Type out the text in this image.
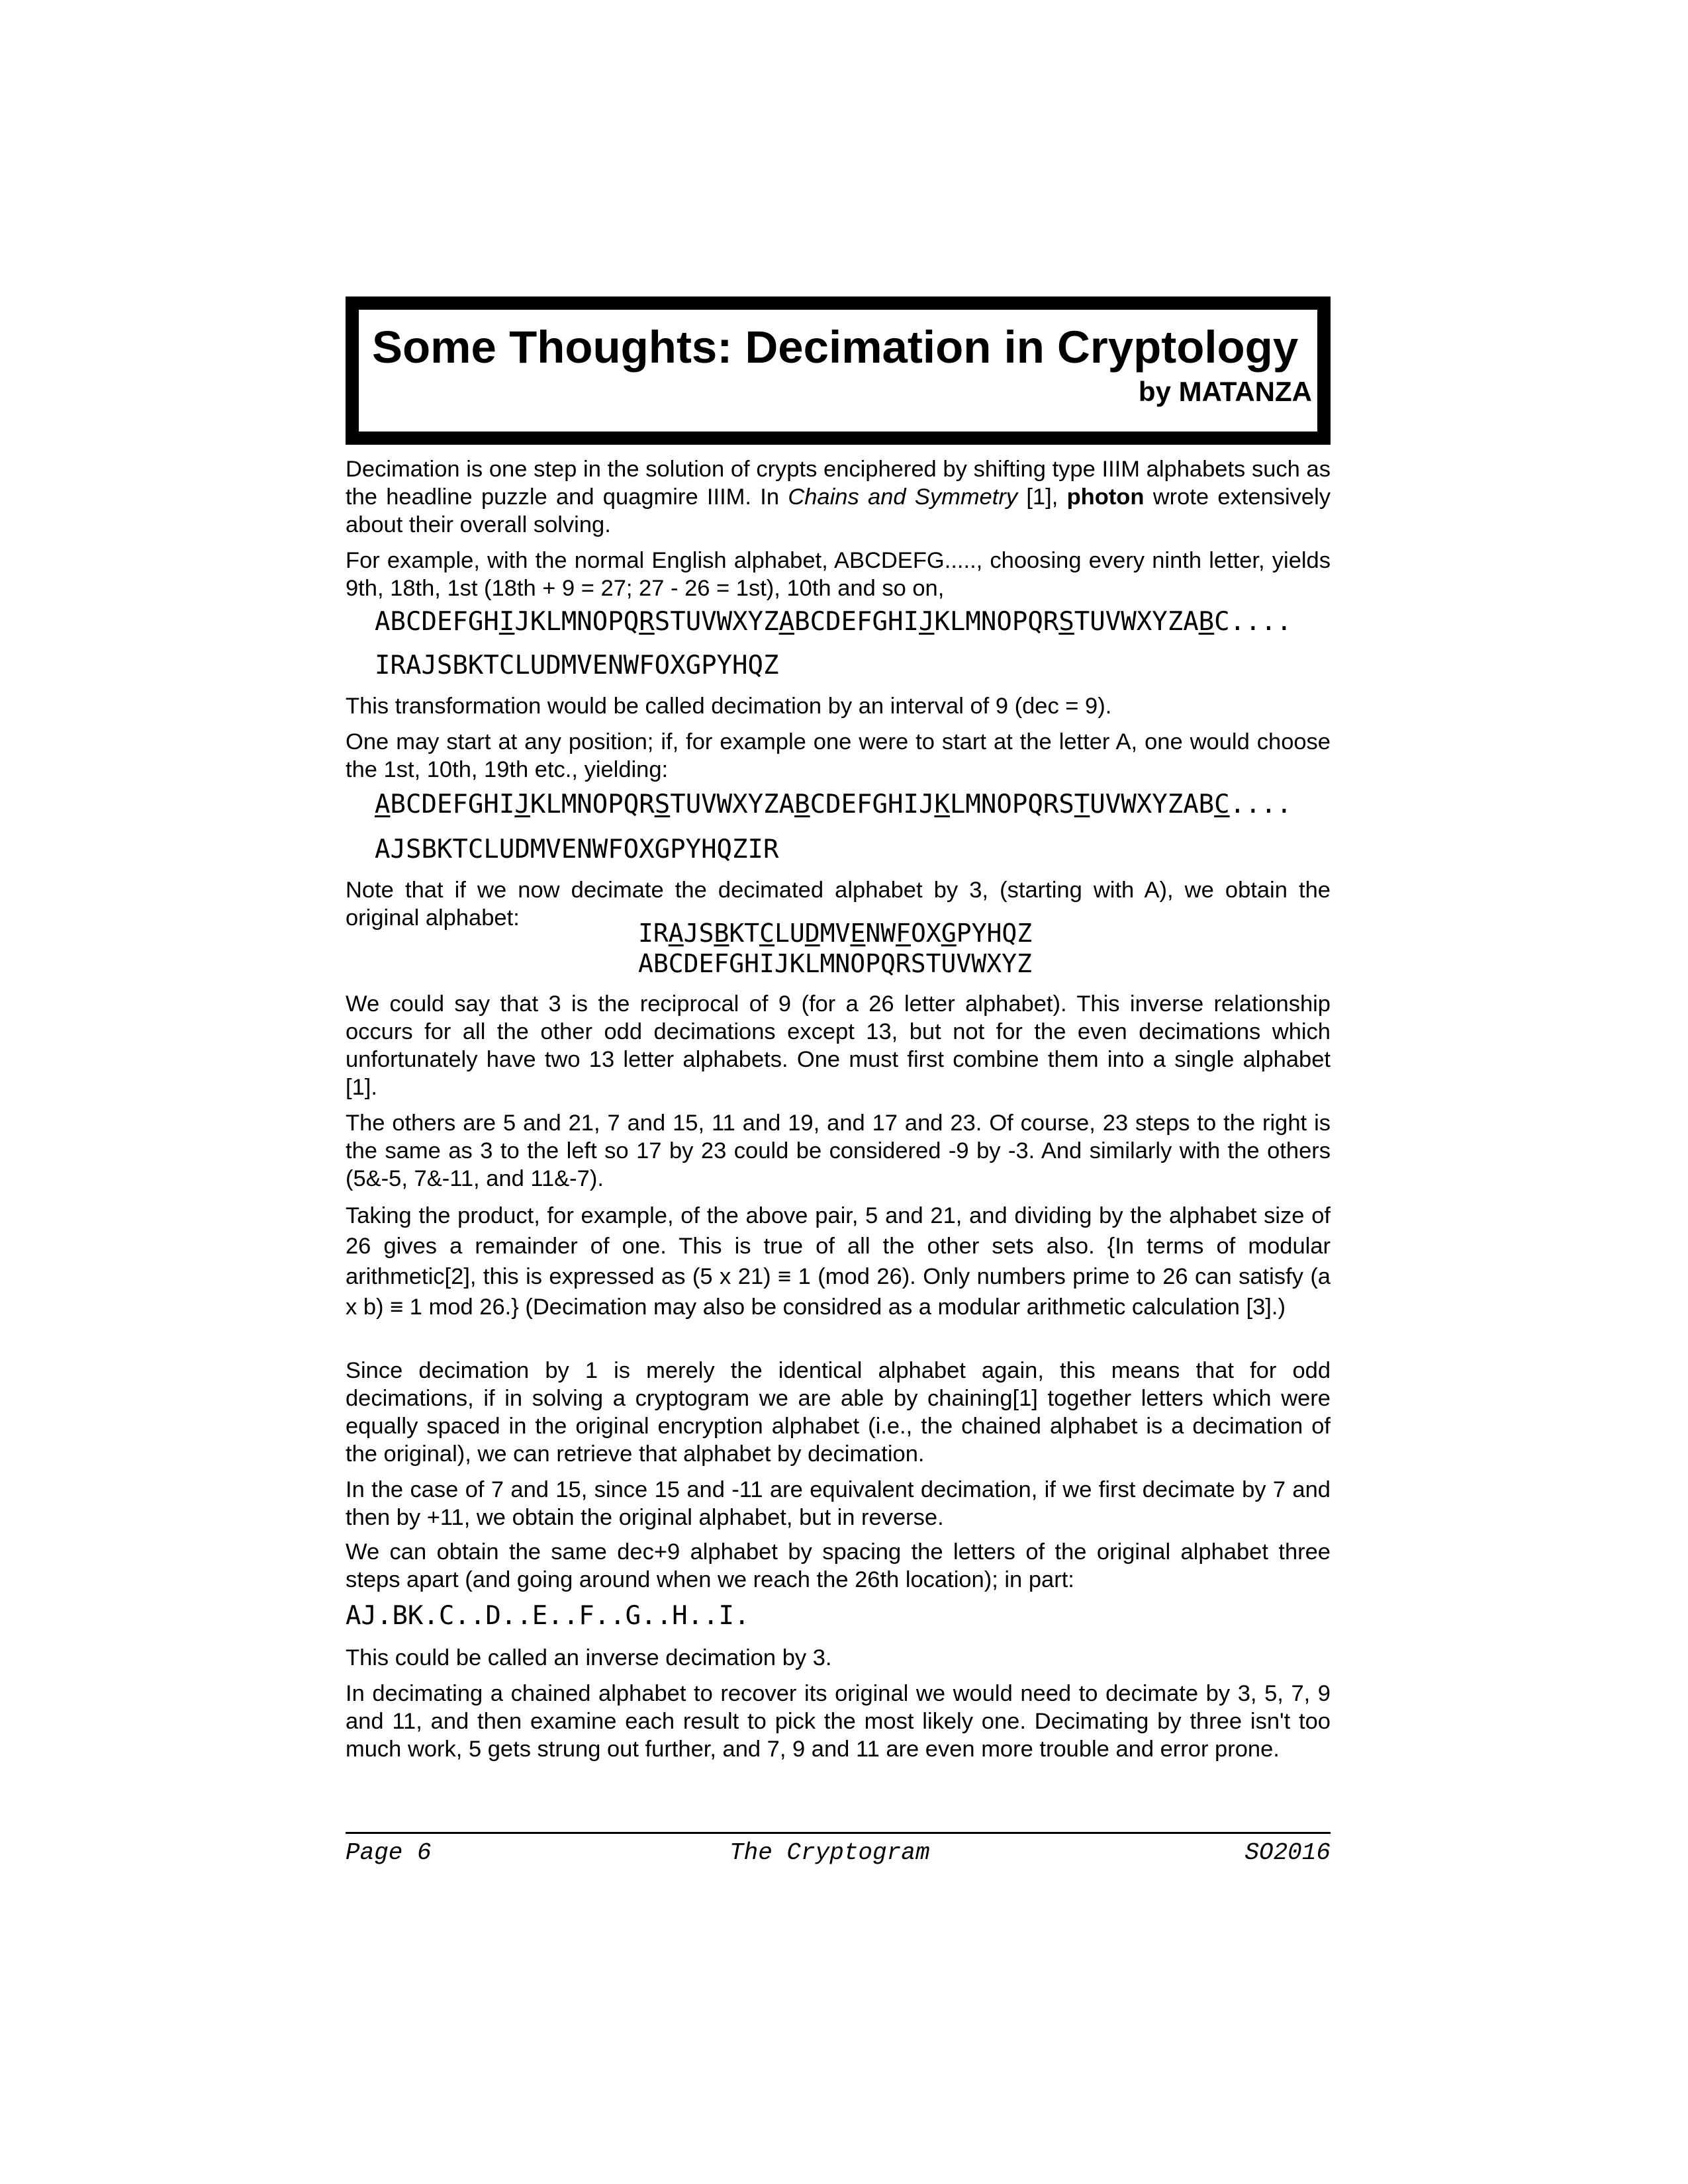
Some Thoughts: Decimation in Cryptology
by MATANZA

Decimation is one step in the solution of crypts enciphered by shifting type IIIM alphabets such as the headline puzzle and quagmire IIIM. In Chains and Symmetry [1], photon wrote extensively about their overall solving.

For example, with the normal English alphabet, ABCDEFG....., choosing every ninth letter, yields 9th, 18th, 1st (18th + 9 = 27; 27 - 26 = 1st), 10th and so on,

ABCDEFGHIJKLMNOPQRSTUVWXYZABCDEFGHIJKLMNOPQRSTUVWXYZABC....
IRAJSBKTCLUDMVENWFOXGPYHQZ

This transformation would be called decimation by an interval of 9 (dec = 9).

One may start at any position; if, for example one were to start at the letter A, one would choose the 1st, 10th, 19th etc., yielding:

ABCDEFGHIJKLMNOPQRSTUVWXYZABCDEFGHIJKLMNOPQRSTUVWXYZABC....
AJSBKTCLUDMVENWFOXGPYHQZIR

Note that if we now decimate the decimated alphabet by 3, (starting with A), we obtain the original alphabet:

IRAJSBKTCLUDMVENWFOXGPYHQZ
ABCDEFGHIJKLMNOPQRSTUVWXYZ

We could say that 3 is the reciprocal of 9 (for a 26 letter alphabet). This inverse relationship occurs for all the other odd decimations except 13, but not for the even decimations which unfortunately have two 13 letter alphabets. One must first combine them into a single alphabet [1].

The others are 5 and 21, 7 and 15, 11 and 19, and 17 and 23. Of course, 23 steps to the right is the same as 3 to the left so 17 by 23 could be considered -9 by -3. And similarly with the others (5&-5, 7&-11, and 11&-7).

Taking the product, for example, of the above pair, 5 and 21, and dividing by the alphabet size of 26 gives a remainder of one. This is true of all the other sets also. {In terms of modular arithmetic[2], this is expressed as (5 x 21) ≡ 1 (mod 26). Only numbers prime to 26 can satisfy (a x b) ≡ 1 mod 26.} (Decimation may also be considred as a modular arithmetic calculation [3].)

Since decimation by 1 is merely the identical alphabet again, this means that for odd decimations, if in solving a cryptogram we are able by chaining[1] together letters which were equally spaced in the original encryption alphabet (i.e., the chained alphabet is a decimation of the original), we can retrieve that alphabet by decimation.

In the case of 7 and 15, since 15 and -11 are equivalent decimation, if we first decimate by 7 and then by +11, we obtain the original alphabet, but in reverse.

We can obtain the same dec+9 alphabet by spacing the letters of the original alphabet three steps apart (and going around when we reach the 26th location); in part:

AJ.BK.C..D..E..F..G..H..I.

This could be called an inverse decimation by 3.

In decimating a chained alphabet to recover its original we would need to decimate by 3, 5, 7, 9 and 11, and then examine each result to pick the most likely one. Decimating by three isn't too much work, 5 gets strung out further, and 7, 9 and 11 are even more trouble and error prone.

Page 6	The Cryptogram	SO2016
